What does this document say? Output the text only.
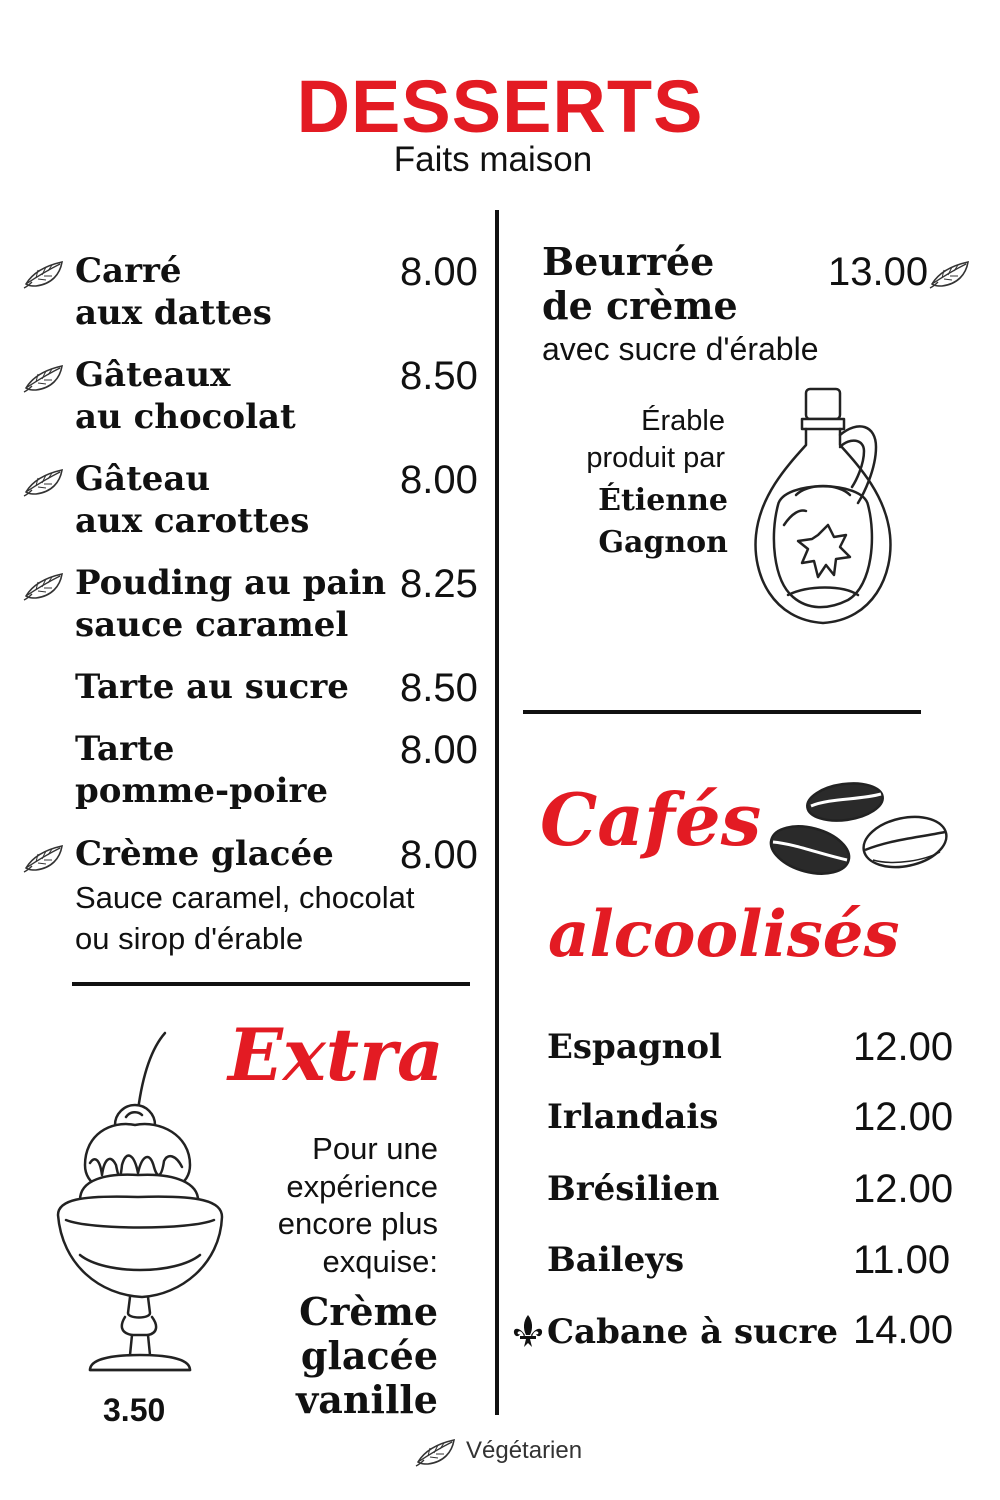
DESSERTS
Faits maison
Carré
aux dattes
8.00
Gâteaux
au chocolat
8.50
Gâteau
aux carottes
8.00
Pouding au pain
sauce caramel
8.25
Tarte au sucre	8.50
Tarte
pomme-poire
8.00
Crème glacée	8.00
Sauce caramel, chocolat
ou sirop d'érable
Extra
Pour une
expérience
encore plus
exquise:
Crème
glacée
vanille
3.50
Beurrée
de crème
13.00
avec sucre d'érable
Érable
produit par
Étienne
Gagnon
Cafés
alcoolisés
Espagnol	12.00
Irlandais	12.00
Brésilien	12.00
Baileys	11.00
Cabane à sucre 14.00
Végétarien
